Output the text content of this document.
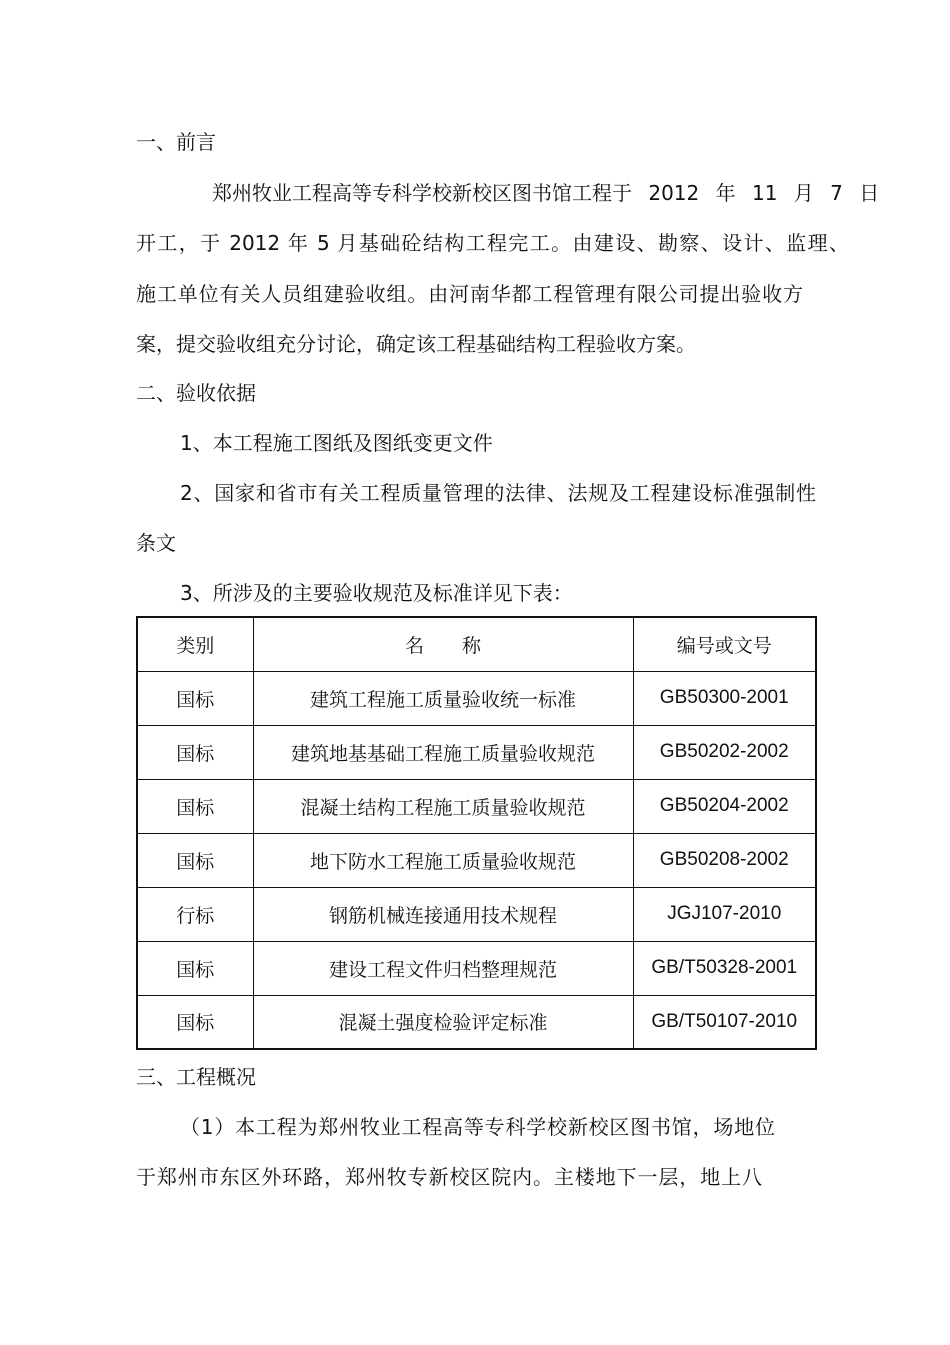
一、前言
郑州牧业工程高等专科学校新校区图书馆工程于 2012 年 11 月 7 日
开工，于 2012 年 5 月基础砼结构工程完工。由建设、勘察、设计、监理、
施工单位有关人员组建验收组。由河南华都工程管理有限公司提出验收方
案，提交验收组充分讨论，确定该工程基础结构工程验收方案。
二、验收依据
1、本工程施工图纸及图纸变更文件
2、国家和省市有关工程质量管理的法律、法规及工程建设标准强制性
条文
3、所涉及的主要验收规范及标准详见下表：
类别	名　　称	编号或文号
国标	建筑工程施工质量验收统一标准	GB50300-2001
国标	建筑地基基础工程施工质量验收规范	GB50202-2002
国标	混凝土结构工程施工质量验收规范	GB50204-2002
国标	地下防水工程施工质量验收规范	GB50208-2002
行标	钢筋机械连接通用技术规程	JGJ107-2010
国标	建设工程文件归档整理规范	GB/T50328-2001
国标	混凝土强度检验评定标准	GB/T50107-2010
三、工程概况
（1）本工程为郑州牧业工程高等专科学校新校区图书馆，场地位
于郑州市东区外环路，郑州牧专新校区院内。主楼地下一层，地上八
